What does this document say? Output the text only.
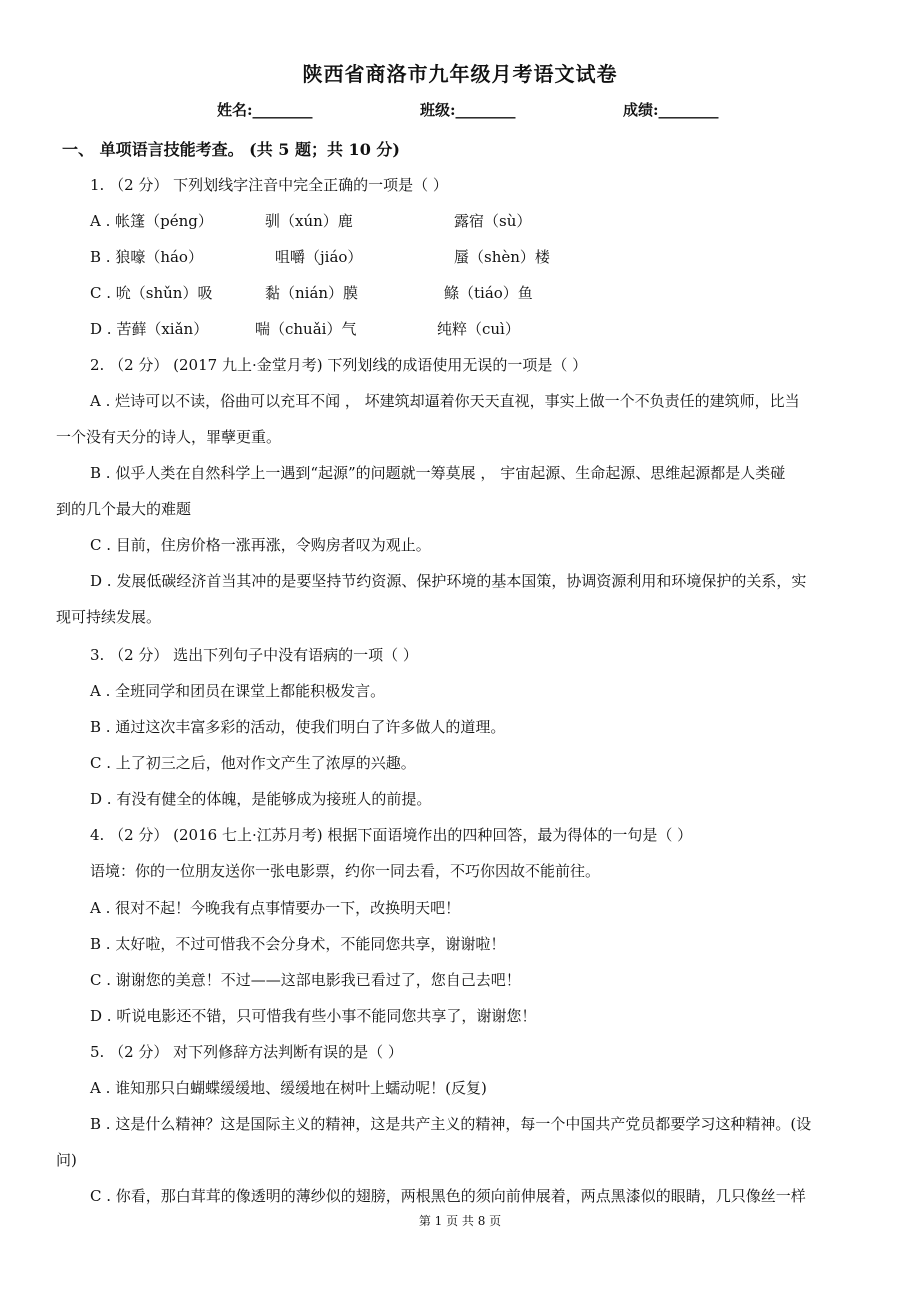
陕西省商洛市九年级月考语文试卷
姓名:________	班级:________	成绩:________
一、 单项语言技能考查。 (共 5 题；共 10 分)
1. （2 分） 下列划线字注音中完全正确的一项是（ ）
A . 帐篷（péng）	驯（xún）鹿	露宿（sù）
B . 狼嚎（háo）	咀嚼（jiáo）	蜃（shèn）楼
C . 吮（shǔn）吸	黏（nián）膜	鲦（tiáo）鱼
D . 苦藓（xiǎn）	喘（chuǎi）气	纯粹（cuì）
2. （2 分） (2017 九上·金堂月考) 下列划线的成语使用无误的一项是（ ）
A . 烂诗可以不读，俗曲可以充耳不闻 ， 坏建筑却逼着你天天直视，事实上做一个不负责任的建筑师，比当
一个没有天分的诗人，罪孽更重。
B . 似乎人类在自然科学上一遇到“起源”的问题就一筹莫展 ， 宇宙起源、生命起源、思维起源都是人类碰
到的几个最大的难题
C . 目前，住房价格一涨再涨，令购房者叹为观止。
D . 发展低碳经济首当其冲的是要坚持节约资源、保护环境的基本国策，协调资源利用和环境保护的关系，实
现可持续发展。
3. （2 分） 选出下列句子中没有语病的一项（ ）
A . 全班同学和团员在课堂上都能积极发言。
B . 通过这次丰富多彩的活动，使我们明白了许多做人的道理。
C . 上了初三之后，他对作文产生了浓厚的兴趣。
D . 有没有健全的体魄，是能够成为接班人的前提。
4. （2 分） (2016 七上·江苏月考) 根据下面语境作出的四种回答，最为得体的一句是（ ）
语境：你的一位朋友送你一张电影票，约你一同去看，不巧你因故不能前往。
A . 很对不起！今晚我有点事情要办一下，改换明天吧！
B . 太好啦，不过可惜我不会分身术，不能同您共享，谢谢啦！
C . 谢谢您的美意！不过——这部电影我已看过了，您自己去吧！
D . 听说电影还不错，只可惜我有些小事不能同您共享了，谢谢您！
5. （2 分） 对下列修辞方法判断有误的是（ ）
A . 谁知那只白蝴蝶缓缓地、缓缓地在树叶上蠕动呢！(反复)
B . 这是什么精神？这是国际主义的精神，这是共产主义的精神，每一个中国共产党员都要学习这种精神。(设
问)
C . 你看，那白茸茸的像透明的薄纱似的翅膀，两根黑色的须向前伸展着，两点黑漆似的眼睛，几只像丝一样
第 1 页 共 8 页
